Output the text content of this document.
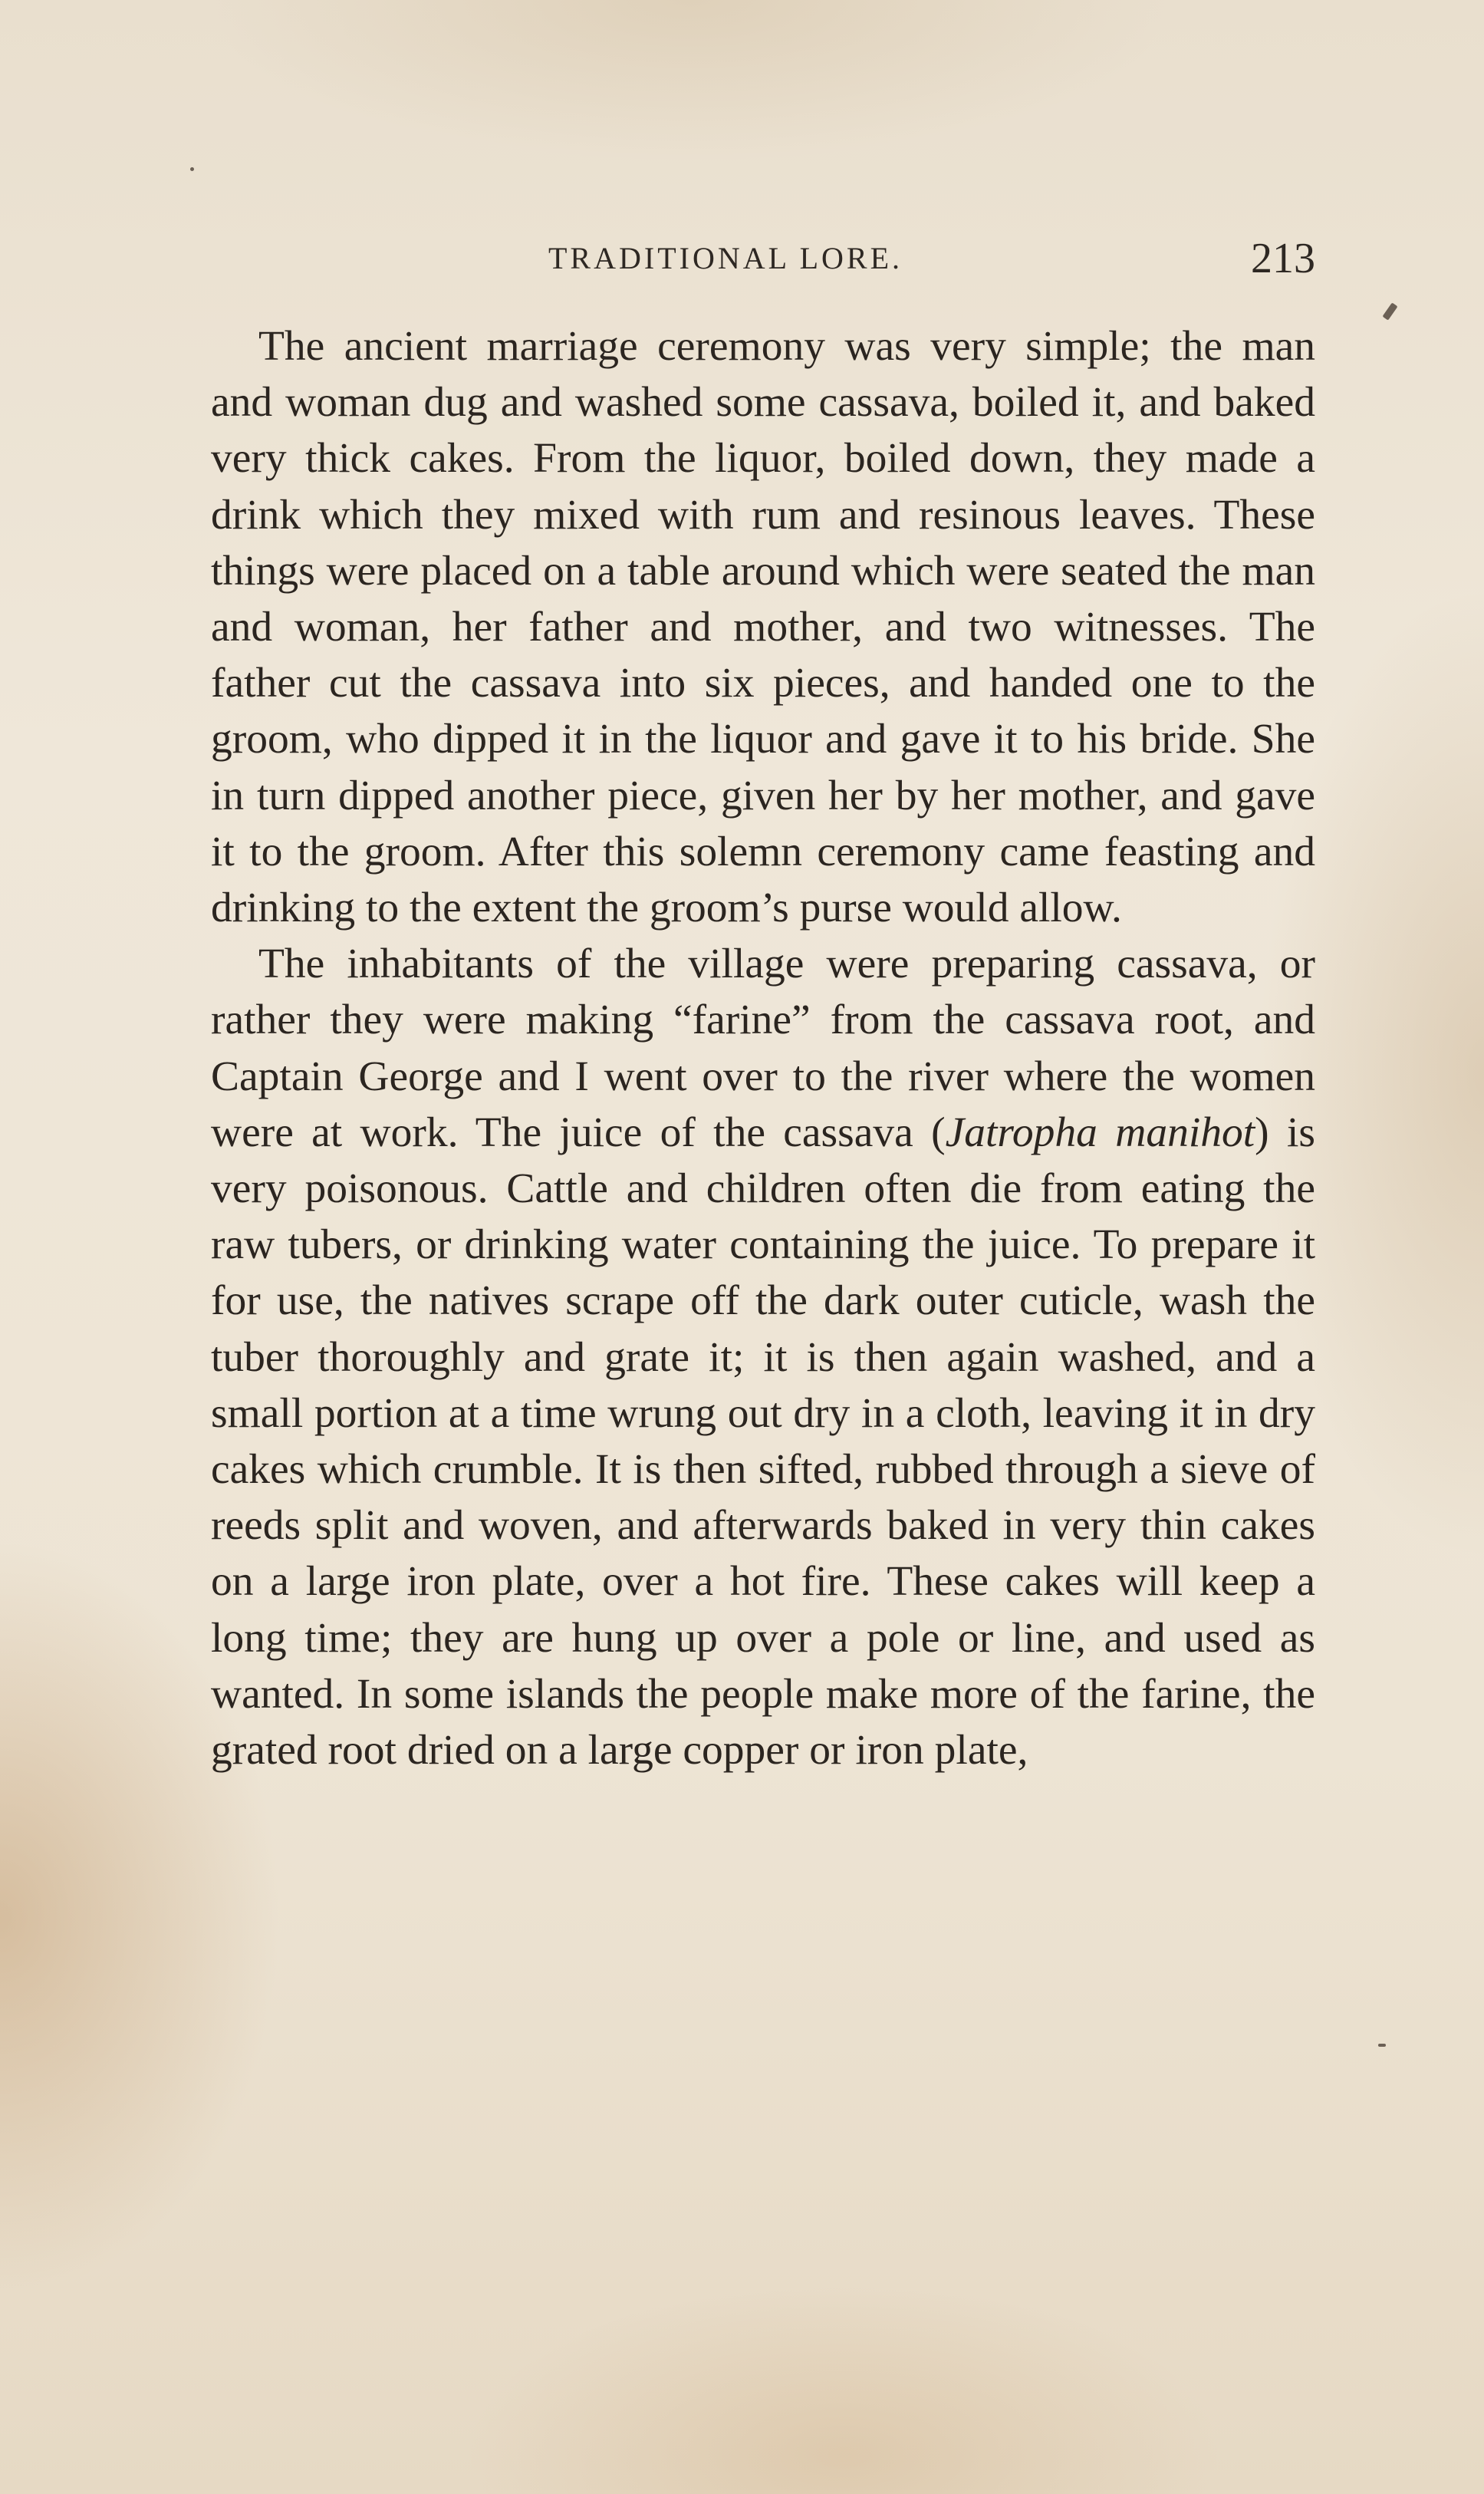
TRADITIONAL LORE.	213

The ancient marriage ceremony was very simple; the man and woman dug and washed some cassava, boiled it, and baked very thick cakes. From the liquor, boiled down, they made a drink which they mixed with rum and resinous leaves. These things were placed on a table around which were seated the man and woman, her father and mother, and two witnesses. The father cut the cassava into six pieces, and handed one to the groom, who dipped it in the liquor and gave it to his bride. She in turn dipped another piece, given her by her mother, and gave it to the groom. After this solemn ceremony came feasting and drinking to the extent the groom’s purse would allow.

The inhabitants of the village were preparing cassava, or rather they were making “farine” from the cassava root, and Captain George and I went over to the river where the women were at work. The juice of the cassava (Jatropha manihot) is very poisonous. Cattle and children often die from eating the raw tubers, or drinking water containing the juice. To prepare it for use, the natives scrape off the dark outer cuticle, wash the tuber thoroughly and grate it; it is then again washed, and a small portion at a time wrung out dry in a cloth, leaving it in dry cakes which crumble. It is then sifted, rubbed through a sieve of reeds split and woven, and afterwards baked in very thin cakes on a large iron plate, over a hot fire. These cakes will keep a long time; they are hung up over a pole or line, and used as wanted. In some islands the people make more of the farine, the grated root dried on a large copper or iron plate,
